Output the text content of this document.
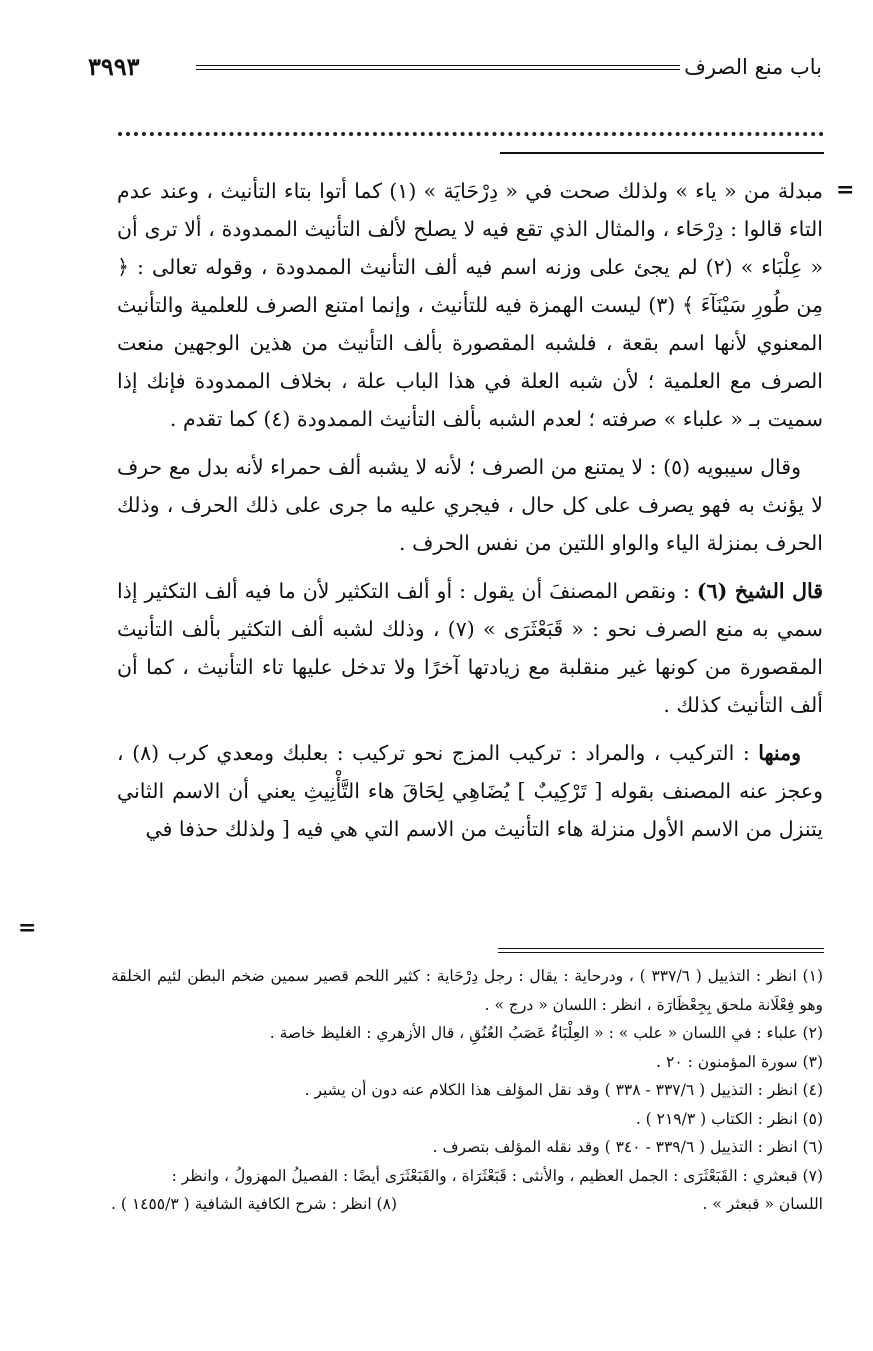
باب منع الصرف
٣٩٩٣
=

مبدلة من « ياء » ولذلك صحت في « دِرْحَايَة » (١) كما أتوا بتاء التأنيث ، وعند عدم التاء قالوا : دِرْحَاء ، والمثال الذي تقع فيه لا يصلح لألف التأنيث الممدودة ، ألا ترى أن « عِلْبَاء » (٢) لم يجئ على وزنه اسم فيه ألف التأنيث الممدودة ، وقوله تعالى : ﴿ مِن طُورِ سَيْنَآءَ ﴾ (٣) ليست الهمزة فيه للتأنيث ، وإنما امتنع الصرف للعلمية والتأنيث المعنوي لأنها اسم بقعة ، فلشبه المقصورة بألف التأنيث من هذين الوجهين منعت الصرف مع العلمية ؛ لأن شبه العلة في هذا الباب علة ، بخلاف الممدودة فإنك إذا سميت بـ « علباء » صرفته ؛ لعدم الشبه بألف التأنيث الممدودة (٤) كما تقدم .

وقال سيبويه (٥) : لا يمتنع من الصرف ؛ لأنه لا يشبه ألف حمراء لأنه بدل مع حرف لا يؤنث به فهو يصرف على كل حال ، فيجري عليه ما جرى على ذلك الحرف ، وذلك الحرف بمنزلة الياء والواو اللتين من نفس الحرف .

قال الشيخ (٦) : ونقص المصنفَ أن يقول : أو ألف التكثير لأن ما فيه ألف التكثير إذا سمي به منع الصرف نحو : « قَبَعْثَرَى » (٧) ، وذلك لشبه ألف التكثير بألف التأنيث المقصورة من كونها غير منقلبة مع زيادتها آخرًا ولا تدخل عليها تاء التأنيث ، كما أن ألف التأنيث كذلك .

ومنها : التركيب ، والمراد : تركيب المزج نحو تركيب : بعلبك ومعدي كرب (٨) ، وعجز عنه المصنف بقوله [ تَرْكِيبٌ ] يُضَاهِي لِحَاقَ هاء التَّأْنِيثِ يعني أن الاسم الثاني يتنزل من الاسم الأول منزلة هاء التأنيث من الاسم التي هي فيه [ ولذلك حذفا في

=

(١) انظر : التذييل ( ٣٣٧/٦ ) ، ودرحاية : يقال : رجل دِرْحَاية : كثير اللحم قصير سمين ضخم البطن لئيم الخلقة وهو فِعْلَانة ملحق بِجِعْظَارَة ، انظر : اللسان « درج » .

(٢) علباء : في اللسان « علب » : « العِلْبَاءُ عَصَبُ العُنُقِ ، قال الأزهري : الغليظ خاصة .

(٣) سورة المؤمنون : ٢٠ .

(٤) انظر : التذييل ( ٣٣٧/٦ - ٣٣٨ ) وقد نقل المؤلف هذا الكلام عنه دون أن يشير .

(٥) انظر : الكتاب ( ٢١٩/٣ ) .

(٦) انظر : التذييل ( ٣٣٩/٦ - ٣٤٠ ) وقد نقله المؤلف بتصرف .

(٧) قبعثري : القَبَعْثَرَى : الجمل العظيم ، والأنثى : قَبَعْثَرَاة ، والقَبَعْثَرَى أيضًا : الفصيلُ المهزولُ ، وانظر :

اللسان « قبعثر » .
(٨) انظر : شرح الكافية الشافية ( ١٤٥٥/٣ ) .
